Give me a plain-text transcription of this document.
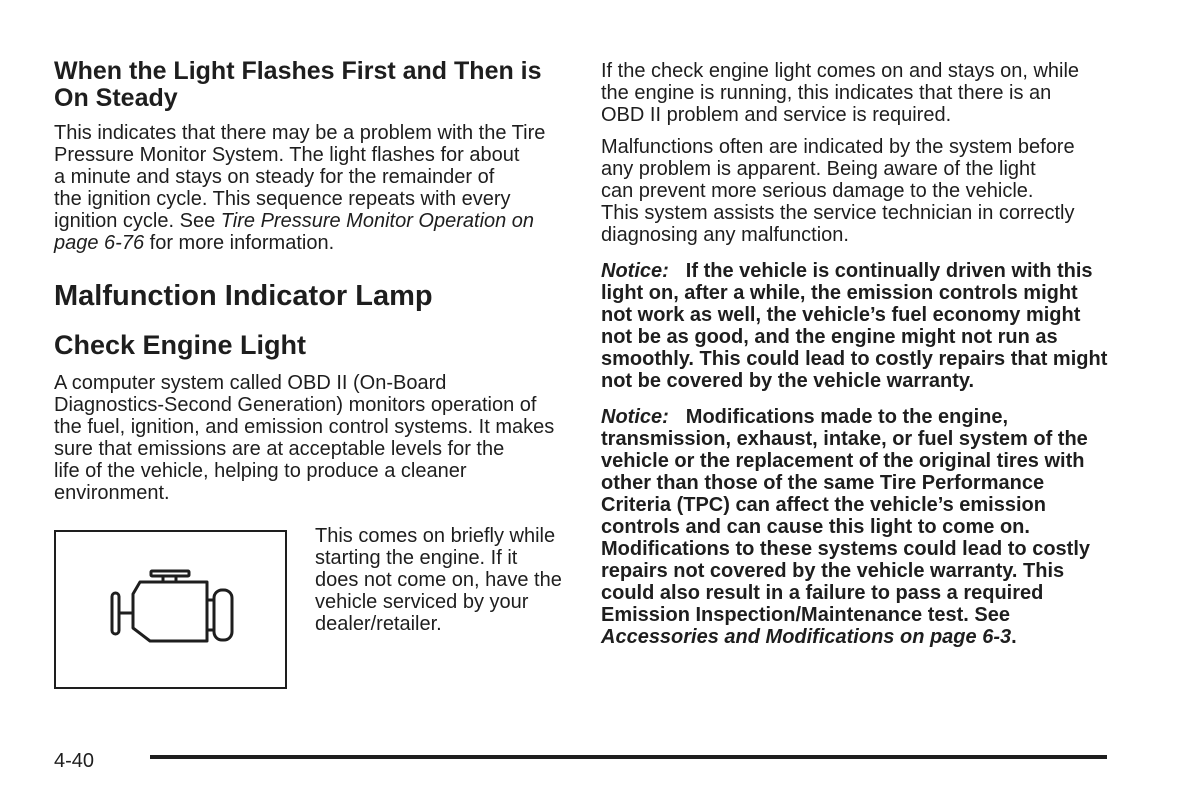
When the Light Flashes First and Then is
On Steady
This indicates that there may be a problem with the Tire
Pressure Monitor System. The light flashes for about
a minute and stays on steady for the remainder of
the ignition cycle. This sequence repeats with every
ignition cycle. See Tire Pressure Monitor Operation on
page 6-76 for more information.
Malfunction Indicator Lamp
Check Engine Light
A computer system called OBD II (On-Board
Diagnostics-Second Generation) monitors operation of
the fuel, ignition, and emission control systems. It makes
sure that emissions are at acceptable levels for the
life of the vehicle, helping to produce a cleaner
environment.
This comes on briefly while
starting the engine. If it
does not come on, have the
vehicle serviced by your
dealer/retailer.
If the check engine light comes on and stays on, while
the engine is running, this indicates that there is an
OBD II problem and service is required.
Malfunctions often are indicated by the system before
any problem is apparent. Being aware of the light
can prevent more serious damage to the vehicle.
This system assists the service technician in correctly
diagnosing any malfunction.
Notice: If the vehicle is continually driven with this
light on, after a while, the emission controls might
not work as well, the vehicle’s fuel economy might
not be as good, and the engine might not run as
smoothly. This could lead to costly repairs that might
not be covered by the vehicle warranty.
Notice: Modifications made to the engine,
transmission, exhaust, intake, or fuel system of the
vehicle or the replacement of the original tires with
other than those of the same Tire Performance
Criteria (TPC) can affect the vehicle’s emission
controls and can cause this light to come on.
Modifications to these systems could lead to costly
repairs not covered by the vehicle warranty. This
could also result in a failure to pass a required
Emission Inspection/Maintenance test. See
Accessories and Modifications on page 6-3.
4-40
